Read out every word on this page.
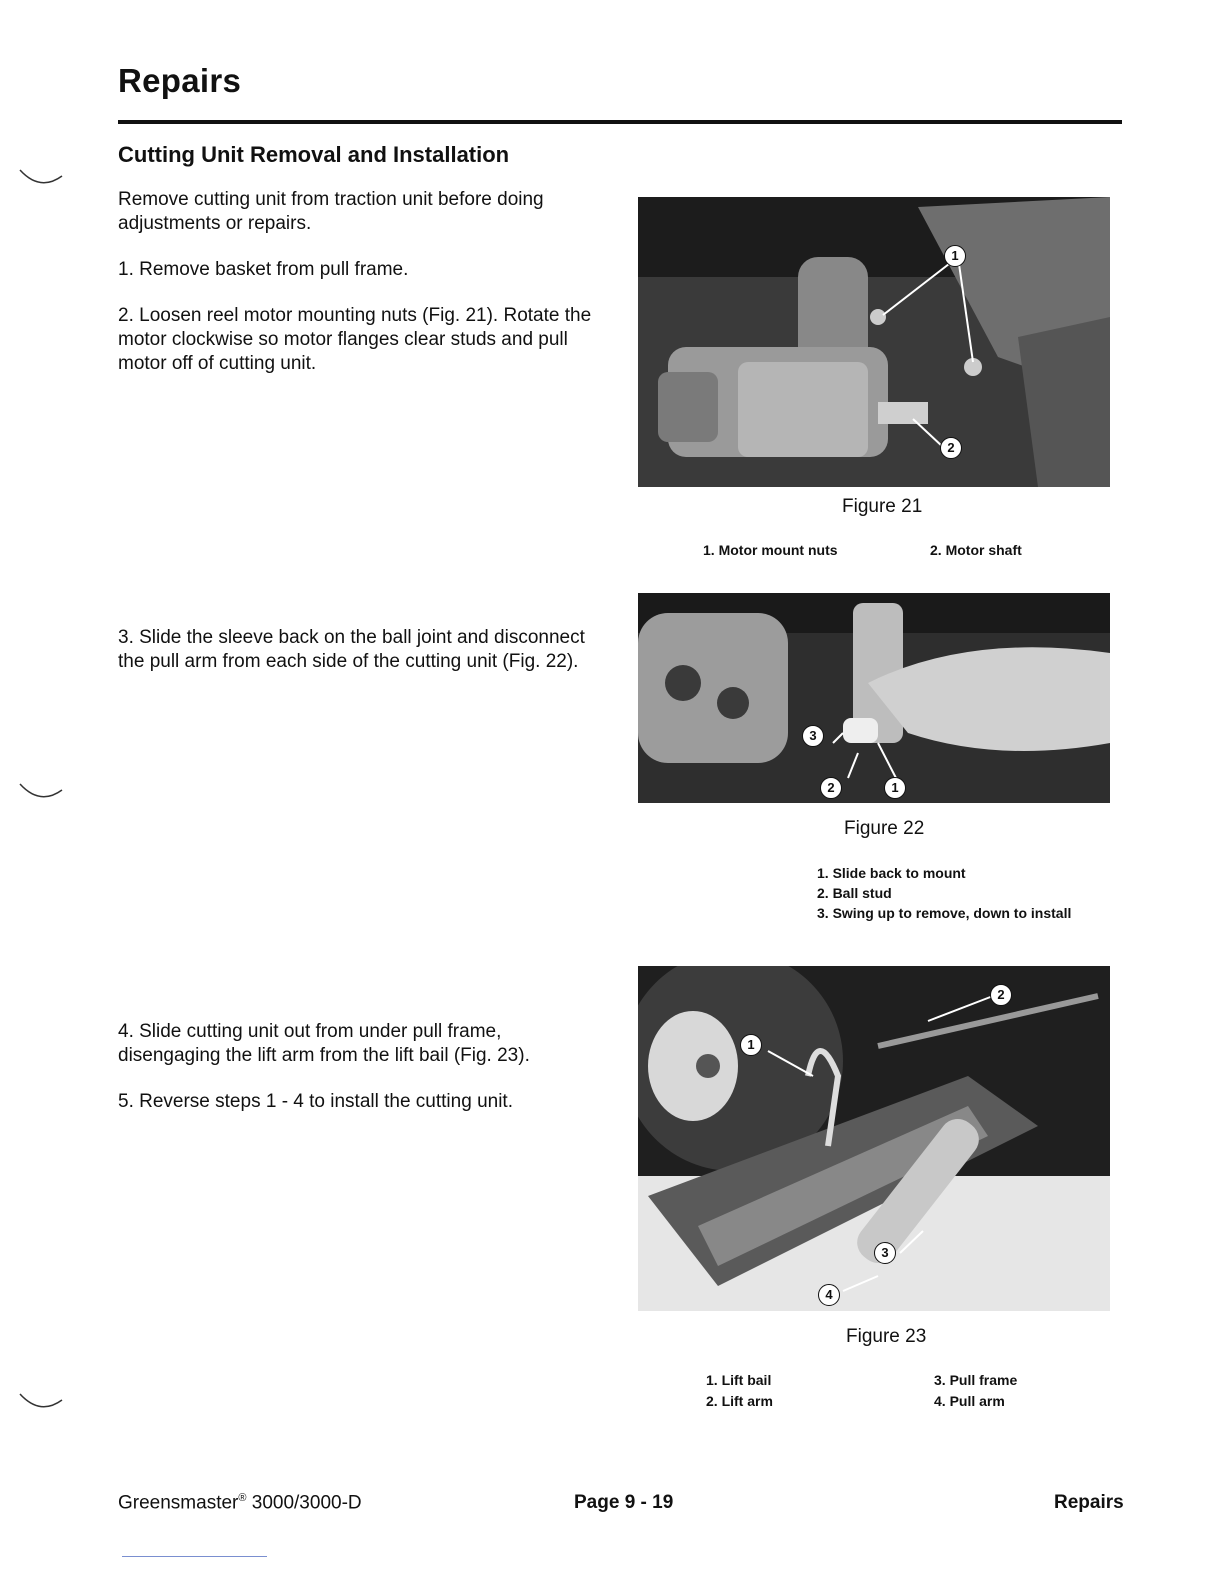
Repairs
Cutting Unit Removal and Installation
Remove cutting unit from traction unit before doing adjustments or repairs.
1. Remove basket from pull frame.
2. Loosen reel motor mounting nuts (Fig. 21). Rotate the motor clockwise so motor flanges clear studs and pull motor off of cutting unit.
3. Slide the sleeve back on the ball joint and disconnect the pull arm from each side of the cutting unit (Fig. 22).
4. Slide cutting unit out from under pull frame, disengaging the lift arm from the lift bail (Fig. 23).
5. Reverse steps 1 - 4 to install the cutting unit.
1
2
Figure 21
1. Motor mount nuts	2. Motor shaft
3
2	1
Figure 22
1. Slide back to mount
2. Ball stud
3. Swing up to remove, down to install
2
1
3
4
Figure 23
1. Lift bail
2. Lift arm
3. Pull frame
4. Pull arm
Greensmaster® 3000/3000-D	Page 9 - 19	Repairs
